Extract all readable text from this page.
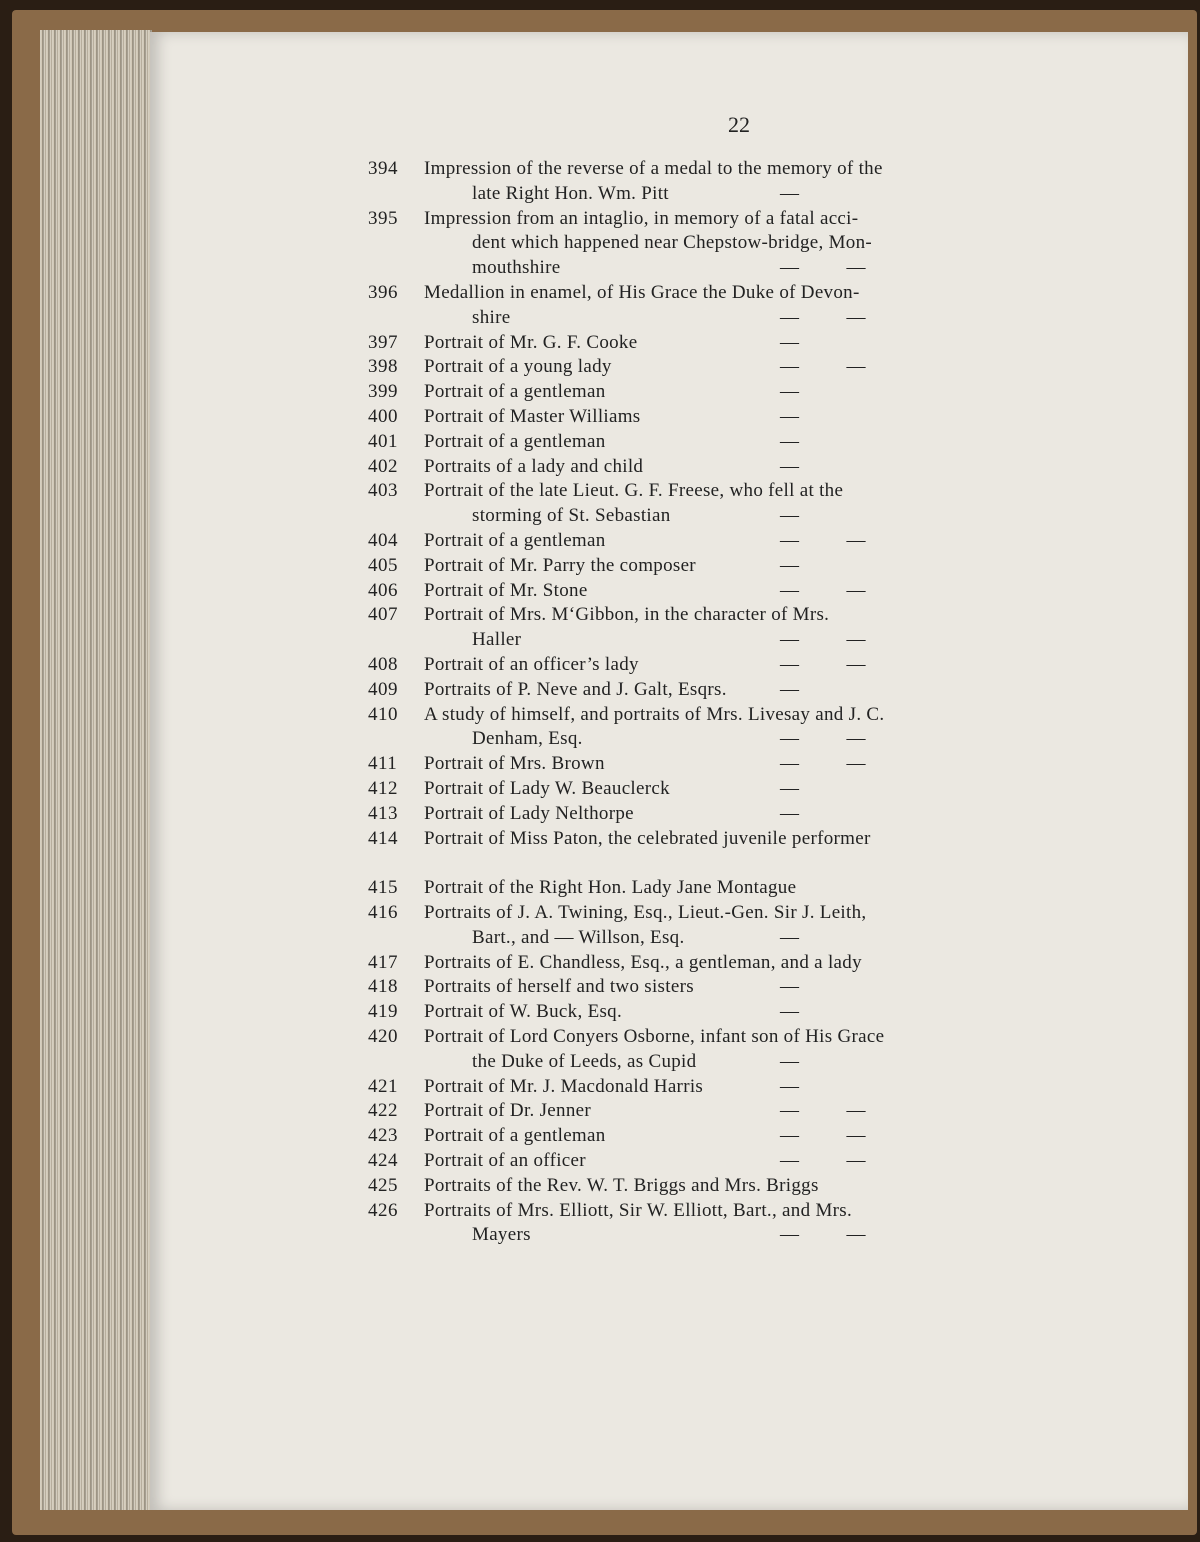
22
394	Impression of the reverse of a medal to the memory of the
late Right Hon. Wm. Pitt	—
395	Impression from an intaglio, in memory of a fatal acci-
dent which happened near Chepstow-bridge, Mon-
mouthshire	—          —
396	Medallion in enamel, of His Grace the Duke of Devon-
shire	—          —
397	Portrait of Mr. G. F. Cooke	—
398	Portrait of a young lady	—          —
399	Portrait of a gentleman	—
400	Portrait of Master Williams	—
401	Portrait of a gentleman	—
402	Portraits of a lady and child	—
403	Portrait of the late Lieut. G. F. Freese, who fell at the
storming of St. Sebastian	—
404	Portrait of a gentleman	—          —
405	Portrait of Mr. Parry the composer	—
406	Portrait of Mr. Stone	—          —
407	Portrait of Mrs. M‘Gibbon, in the character of Mrs.
Haller	—          —
408	Portrait of an officer’s lady	—          —
409	Portraits of P. Neve and J. Galt, Esqrs.	—
410	A study of himself, and portraits of Mrs. Livesay and J. C.
Denham, Esq.	—          —
411	Portrait of Mrs. Brown	—          —
412	Portrait of Lady W. Beauclerck	—
413	Portrait of Lady Nelthorpe	—
414	Portrait of Miss Paton, the celebrated juvenile performer
415	Portrait of the Right Hon. Lady Jane Montague
416	Portraits of J. A. Twining, Esq., Lieut.-Gen. Sir J. Leith,
Bart., and — Willson, Esq.	—
417	Portraits of E. Chandless, Esq., a gentleman, and a lady
418	Portraits of herself and two sisters	—
419	Portrait of W. Buck, Esq.	—
420	Portrait of Lord Conyers Osborne, infant son of His Grace
the Duke of Leeds, as Cupid	—
421	Portrait of Mr. J. Macdonald Harris	—
422	Portrait of Dr. Jenner	—          —
423	Portrait of a gentleman	—          —
424	Portrait of an officer	—          —
425	Portraits of the Rev. W. T. Briggs and Mrs. Briggs
426	Portraits of Mrs. Elliott, Sir W. Elliott, Bart., and Mrs.
Mayers	—          —
